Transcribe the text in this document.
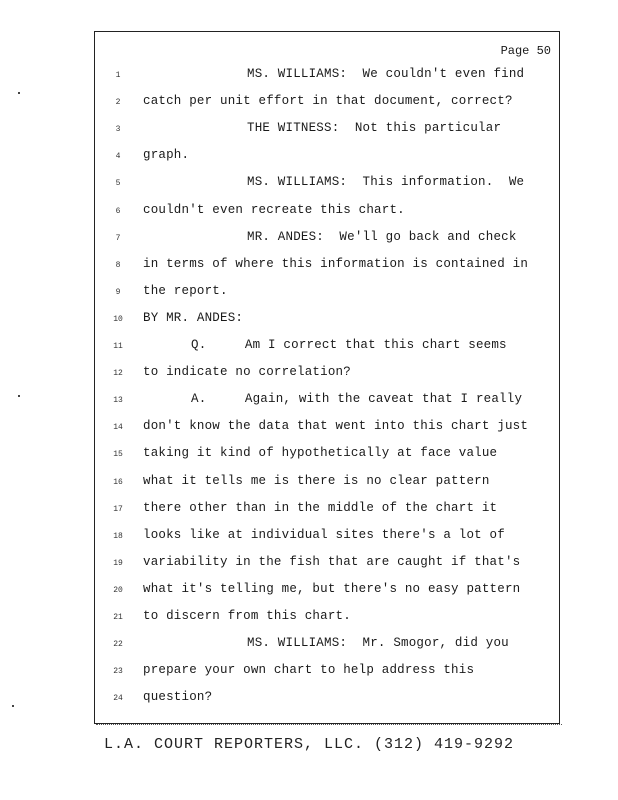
Page 50
1	MS. WILLIAMS:  We couldn't even find
2	catch per unit effort in that document, correct?
3	THE WITNESS:  Not this particular
4	graph.
5	MS. WILLIAMS:  This information.  We
6	couldn't even recreate this chart.
7	MR. ANDES:  We'll go back and check
8	in terms of where this information is contained in
9	the report.
10	BY MR. ANDES:
11	Q.     Am I correct that this chart seems
12	to indicate no correlation?
13	A.     Again, with the caveat that I really
14	don't know the data that went into this chart just
15	taking it kind of hypothetically at face value
16	what it tells me is there is no clear pattern
17	there other than in the middle of the chart it
18	looks like at individual sites there's a lot of
19	variability in the fish that are caught if that's
20	what it's telling me, but there's no easy pattern
21	to discern from this chart.
22	MS. WILLIAMS:  Mr. Smogor, did you
23	prepare your own chart to help address this
24	question?
L.A. COURT REPORTERS, LLC. (312) 419-9292
